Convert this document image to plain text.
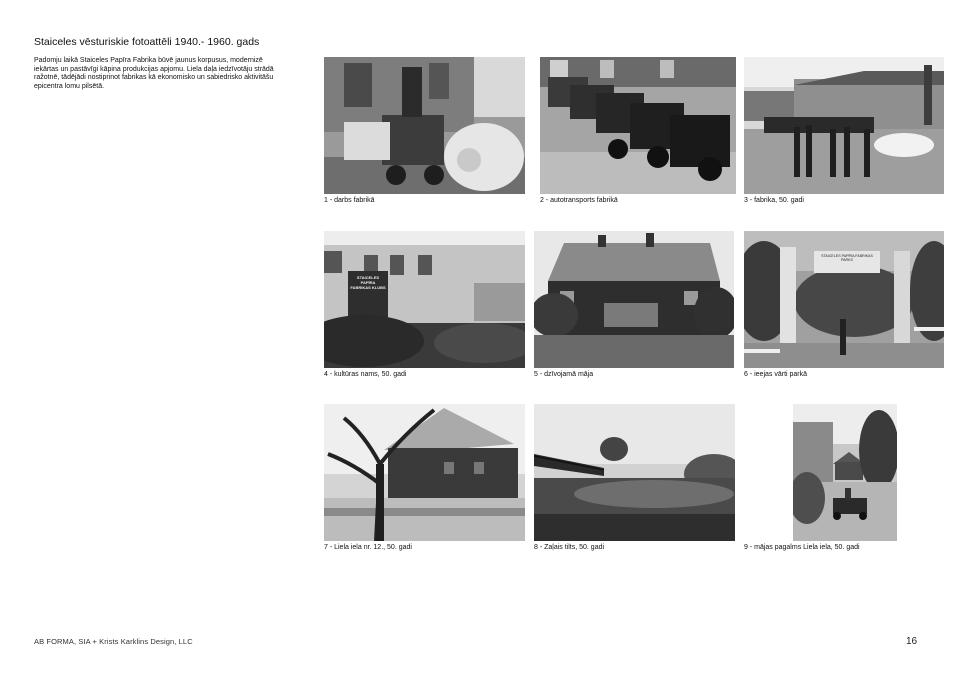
Staiceles vēsturiskie fotoattēli 1940.- 1960. gads
Padomju laikā Staiceles Papīra Fabrika būvē jaunus korpusus, modernizē iekārtas un pastāvīgi kāpina produkcijas apjomu. Liela daļa iedzīvotāju strādā ražotnē, tādējādi nostiprinot fabrikas kā ekonomisko un sabiedrisko aktivitāšu epicentra lomu pilsētā.
1 - darbs fabrikā	2 - autotransports fabrikā	3 - fabrika, 50. gadi
STAICELES PAPĪRA FABRIKAS KLUBS
4 - kultūras nams, 50. gadi	5 - dzīvojamā māja
STAICELES PAPĪRA FABRIKAS PARKS
6 - ieejas vārti parkā
7 - Liela iela nr. 12., 50. gadi	8 - Zaļais tilts, 50. gadi	9 - mājas pagalms Liela iela, 50. gadi
AB FORMA, SIA + Krists Karklins Design, LLC	16
